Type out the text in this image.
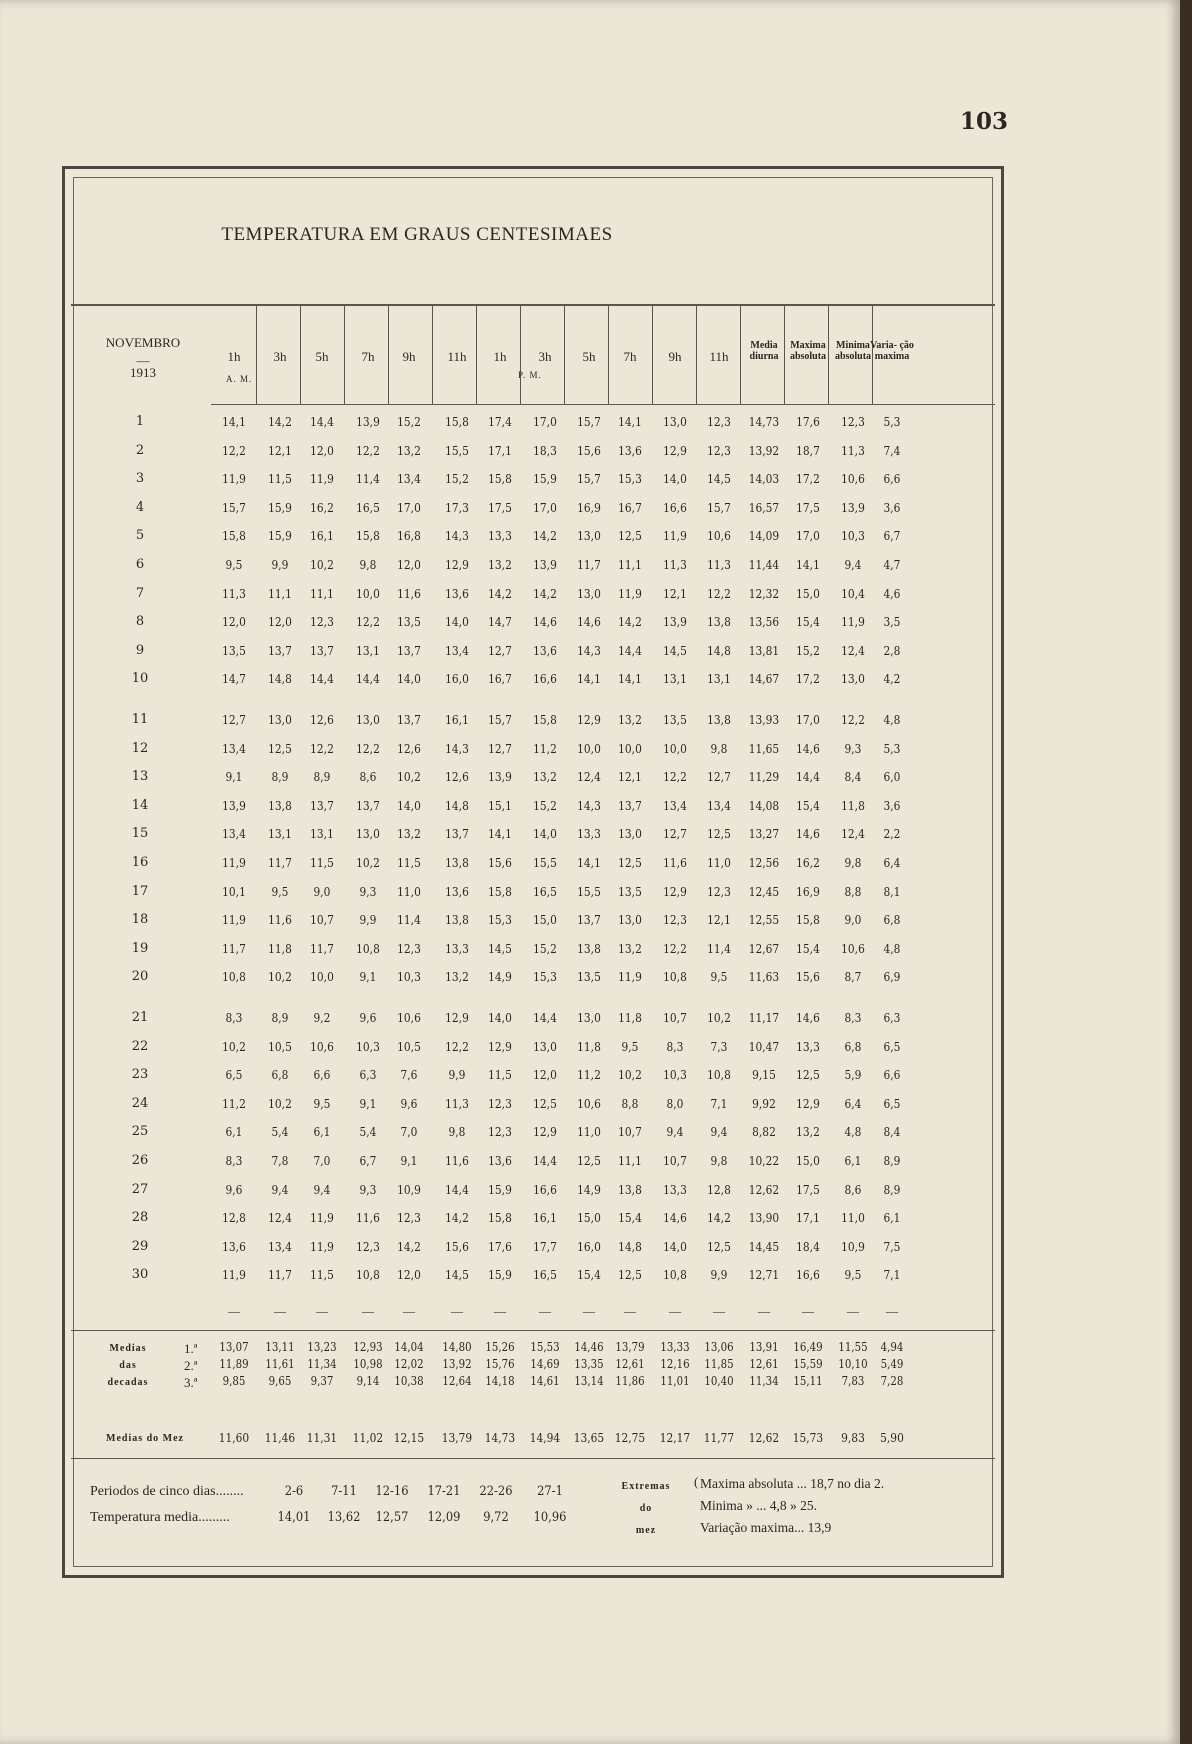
103
TEMPERATURA EM GRAUS CENTESIMAES
NOVEMBRO
—
1913
1h	3h	5h	7h	9h	11h	1h	3h	5h	7h	9h	11h
Media diurna
Maxima absoluta
Minima absoluta
Varia- ção maxima
1	14,1	14,2	14,4	13,9	15,2	15,8	17,4	17,0	15,7	14,1	13,0	12,3	14,73	17,6	12,3	5,3
2	12,2	12,1	12,0	12,2	13,2	15,5	17,1	18,3	15,6	13,6	12,9	12,3	13,92	18,7	11,3	7,4
3	11,9	11,5	11,9	11,4	13,4	15,2	15,8	15,9	15,7	15,3	14,0	14,5	14,03	17,2	10,6	6,6
4	15,7	15,9	16,2	16,5	17,0	17,3	17,5	17,0	16,9	16,7	16,6	15,7	16,57	17,5	13,9	3,6
5	15,8	15,9	16,1	15,8	16,8	14,3	13,3	14,2	13,0	12,5	11,9	10,6	14,09	17,0	10,3	6,7
6	9,5	9,9	10,2	9,8	12,0	12,9	13,2	13,9	11,7	11,1	11,3	11,3	11,44	14,1	9,4	4,7
7	11,3	11,1	11,1	10,0	11,6	13,6	14,2	14,2	13,0	11,9	12,1	12,2	12,32	15,0	10,4	4,6
8	12,0	12,0	12,3	12,2	13,5	14,0	14,7	14,6	14,6	14,2	13,9	13,8	13,56	15,4	11,9	3,5
9	13,5	13,7	13,7	13,1	13,7	13,4	12,7	13,6	14,3	14,4	14,5	14,8	13,81	15,2	12,4	2,8
10	14,7	14,8	14,4	14,4	14,0	16,0	16,7	16,6	14,1	14,1	13,1	13,1	14,67	17,2	13,0	4,2
11	12,7	13,0	12,6	13,0	13,7	16,1	15,7	15,8	12,9	13,2	13,5	13,8	13,93	17,0	12,2	4,8
12	13,4	12,5	12,2	12,2	12,6	14,3	12,7	11,2	10,0	10,0	10,0	9,8	11,65	14,6	9,3	5,3
13	9,1	8,9	8,9	8,6	10,2	12,6	13,9	13,2	12,4	12,1	12,2	12,7	11,29	14,4	8,4	6,0
14	13,9	13,8	13,7	13,7	14,0	14,8	15,1	15,2	14,3	13,7	13,4	13,4	14,08	15,4	11,8	3,6
15	13,4	13,1	13,1	13,0	13,2	13,7	14,1	14,0	13,3	13,0	12,7	12,5	13,27	14,6	12,4	2,2
16	11,9	11,7	11,5	10,2	11,5	13,8	15,6	15,5	14,1	12,5	11,6	11,0	12,56	16,2	9,8	6,4
17	10,1	9,5	9,0	9,3	11,0	13,6	15,8	16,5	15,5	13,5	12,9	12,3	12,45	16,9	8,8	8,1
18	11,9	11,6	10,7	9,9	11,4	13,8	15,3	15,0	13,7	13,0	12,3	12,1	12,55	15,8	9,0	6,8
19	11,7	11,8	11,7	10,8	12,3	13,3	14,5	15,2	13,8	13,2	12,2	11,4	12,67	15,4	10,6	4,8
20	10,8	10,2	10,0	9,1	10,3	13,2	14,9	15,3	13,5	11,9	10,8	9,5	11,63	15,6	8,7	6,9
21	8,3	8,9	9,2	9,6	10,6	12,9	14,0	14,4	13,0	11,8	10,7	10,2	11,17	14,6	8,3	6,3
22	10,2	10,5	10,6	10,3	10,5	12,2	12,9	13,0	11,8	9,5	8,3	7,3	10,47	13,3	6,8	6,5
23	6,5	6,8	6,6	6,3	7,6	9,9	11,5	12,0	11,2	10,2	10,3	10,8	9,15	12,5	5,9	6,6
24	11,2	10,2	9,5	9,1	9,6	11,3	12,3	12,5	10,6	8,8	8,0	7,1	9,92	12,9	6,4	6,5
25	6,1	5,4	6,1	5,4	7,0	9,8	12,3	12,9	11,0	10,7	9,4	9,4	8,82	13,2	4,8	8,4
26	8,3	7,8	7,0	6,7	9,1	11,6	13,6	14,4	12,5	11,1	10,7	9,8	10,22	15,0	6,1	8,9
27	9,6	9,4	9,4	9,3	10,9	14,4	15,9	16,6	14,9	13,8	13,3	12,8	12,62	17,5	8,6	8,9
28	12,8	12,4	11,9	11,6	12,3	14,2	15,8	16,1	15,0	15,4	14,6	14,2	13,90	17,1	11,0	6,1
29	13,6	13,4	11,9	12,3	14,2	15,6	17,6	17,7	16,0	14,8	14,0	12,5	14,45	18,4	10,9	7,5
30	11,9	11,7	11,5	10,8	12,0	14,5	15,9	16,5	15,4	12,5	10,8	9,9	12,71	16,6	9,5	7,1
—	—	—	—	—	—	—	—	—	—	—	—	—	—	—	—
13,07	13,11	13,23	12,93 14,04	14,80	15,26	15,53	14,46 13,79	13,33	13,06	13,91	16,49	11,55	4,94
11,89	11,61	11,34	10,98 12,02	13,92	15,76	14,69	13,35 12,61	12,16	11,85	12,61	15,59	10,10	5,49
9,85	9,65	9,37	9,14	10,38	12,64	14,18	14,61	13,14 11,86	11,01	10,40	11,34	15,11	7,83	7,28
11,60	11,46 11,31	11,02 12,15	13,79	14,73	14,94	13,65 12,75	12,17	11,77	12,62	15,73	9,83	5,90
A. M.	P. M.
Medias
das
decadas
1.ª
2.ª
3.ª
Medias do Mez
Periodos de cinco dias........
Temperatura media.........
2-6	7-11	12-16	17-21	22-26	27-1
14,01	13,62	12,57	12,09	9,72	10,96
Extremas
do
mez
( Maxima absoluta ... 18,7 no dia 2.
Minima » ... 4,8 » 25.
Variação maxima... 13,9
